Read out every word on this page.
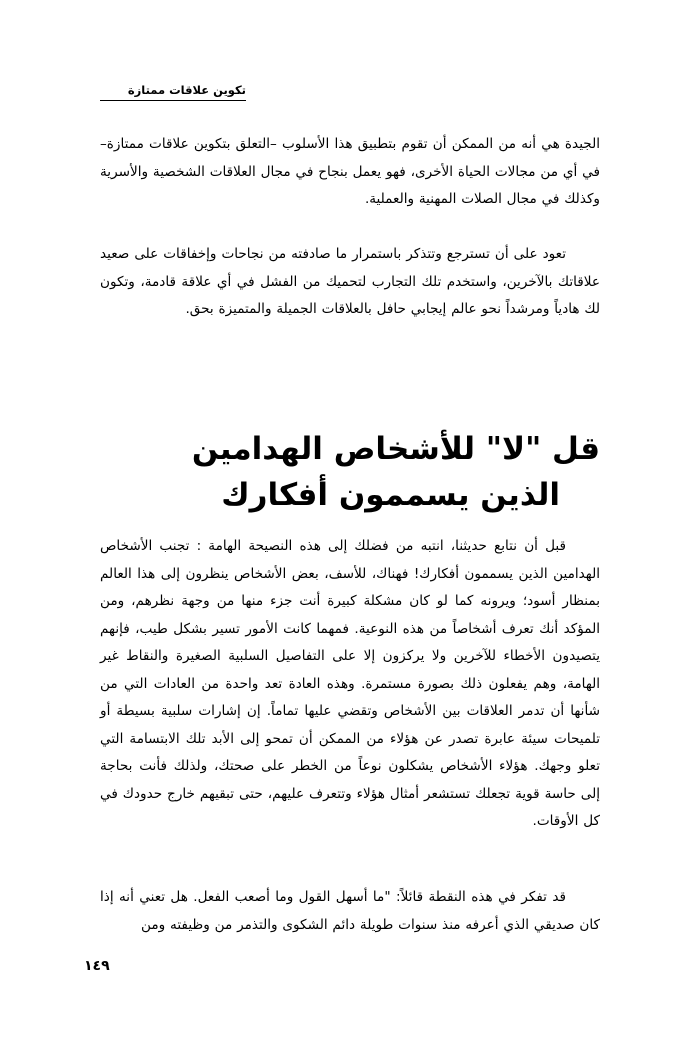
تكوين علاقات ممتازة

الجيدة هي أنه من الممكن أن تقوم بتطبيق هذا الأسلوب –التعلق بتكوين علاقات ممتازة– في أي من مجالات الحياة الأخرى، فهو يعمل بنجاح في مجال العلاقات الشخصية والأسرية وكذلك في مجال الصلات المهنية والعملية.

تعود على أن تسترجع وتتذكر باستمرار ما صادفته من نجاحات وإخفاقات على صعيد علاقاتك بالآخرين، واستخدم تلك التجارب لتحميك من الفشل في أي علاقة قادمة، وتكون لك هادياً ومرشداً نحو عالم إيجابي حافل بالعلاقات الجميلة والمتميزة بحق.

قل "لا" للأشخاص الهدامين
الذين يسممون أفكارك

قبل أن نتابع حديثنا، انتبه من فضلك إلى هذه النصيحة الهامة : تجنب الأشخاص الهدامين الذين يسممون أفكارك! فهناك، للأسف، بعض الأشخاص ينظرون إلى هذا العالم بمنظار أسود؛ ويرونه كما لو كان مشكلة كبيرة أنت جزء منها من وجهة نظرهم، ومن المؤكد أنك تعرف أشخاصاً من هذه النوعية. فمهما كانت الأمور تسير بشكل طيب، فإنهم يتصيدون الأخطاء للآخرين ولا يركزون إلا على التفاصيل السلبية الصغيرة والنقاط غير الهامة، وهم يفعلون ذلك بصورة مستمرة. وهذه العادة تعد واحدة من العادات التي من شأنها أن تدمر العلاقات بين الأشخاص وتقضي عليها تماماً. إن إشارات سلبية بسيطة أو تلميحات سيئة عابرة تصدر عن هؤلاء من الممكن أن تمحو إلى الأبد تلك الابتسامة التي تعلو وجهك. هؤلاء الأشخاص يشكلون نوعاً من الخطر على صحتك، ولذلك فأنت بحاجة إلى حاسة قوية تجعلك تستشعر أمثال هؤلاء وتتعرف عليهم، حتى تبقيهم خارج حدودك في كل الأوقات.

قد تفكر في هذه النقطة قائلاً: "ما أسهل القول وما أصعب الفعل. هل تعني أنه إذا كان صديقي الذي أعرفه منذ سنوات طويلة دائم الشكوى والتذمر من وظيفته ومن

١٤٩
